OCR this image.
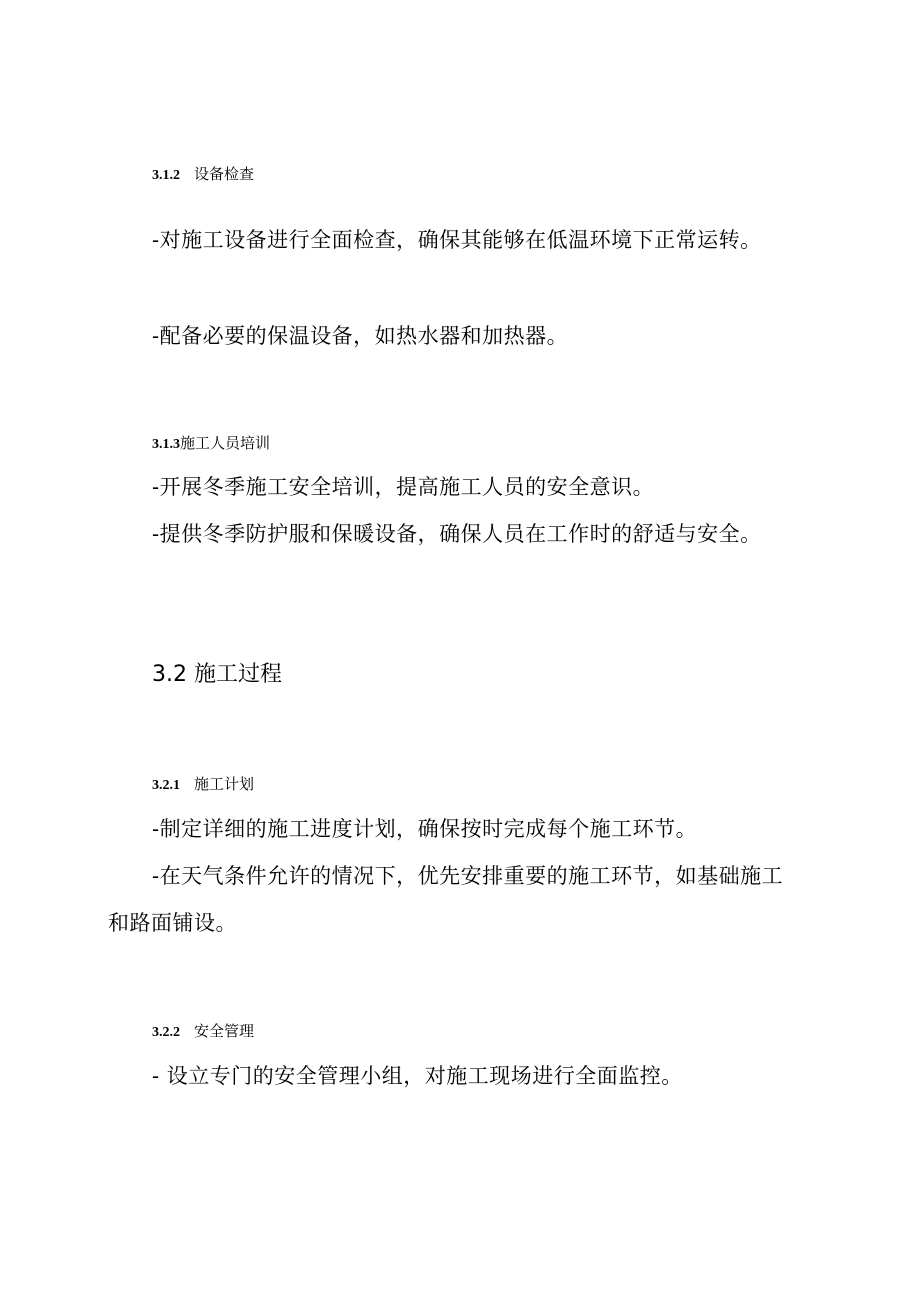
3.1.2 设备检查
-对施工设备进行全面检查，确保其能够在低温环境下正常运转。
-配备必要的保温设备，如热水器和加热器。
3.1.3施工人员培训
-开展冬季施工安全培训，提高施工人员的安全意识。
-提供冬季防护服和保暖设备，确保人员在工作时的舒适与安全。
3.2 施工过程
3.2.1 施工计划
-制定详细的施工进度计划，确保按时完成每个施工环节。
-在天气条件允许的情况下，优先安排重要的施工环节，如基础施工和路面铺设。
3.2.2 安全管理
- 设立专门的安全管理小组，对施工现场进行全面监控。
